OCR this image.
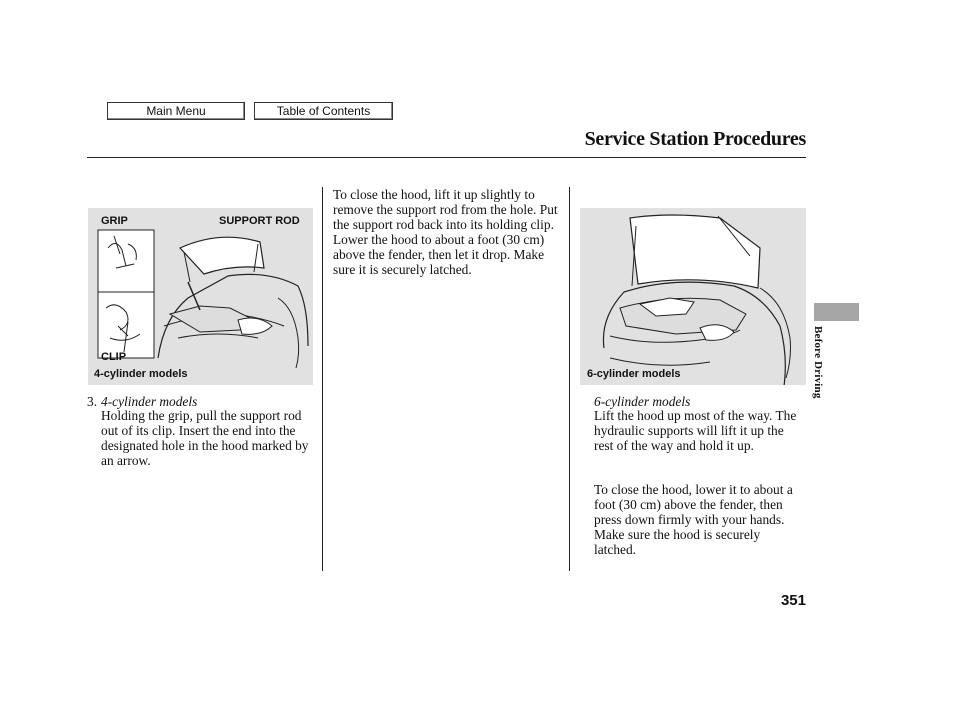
Main Menu	Table of Contents
Service Station Procedures
GRIP	SUPPORT ROD
CLIP
4-cylinder models	6-cylinder models
3. 4-cylinder models
Holding the grip, pull the support rod out of its clip. Insert the end into the designated hole in the hood marked by an arrow.
To close the hood, lift it up slightly to remove the support rod from the hole. Put the support rod back into its holding clip. Lower the hood to about a foot (30 cm) above the fender, then let it drop. Make sure it is securely latched.
6-cylinder models
Lift the hood up most of the way. The hydraulic supports will lift it up the rest of the way and hold it up.
To close the hood, lower it to about a foot (30 cm) above the fender, then press down firmly with your hands. Make sure the hood is securely latched.
Before Driving
351
